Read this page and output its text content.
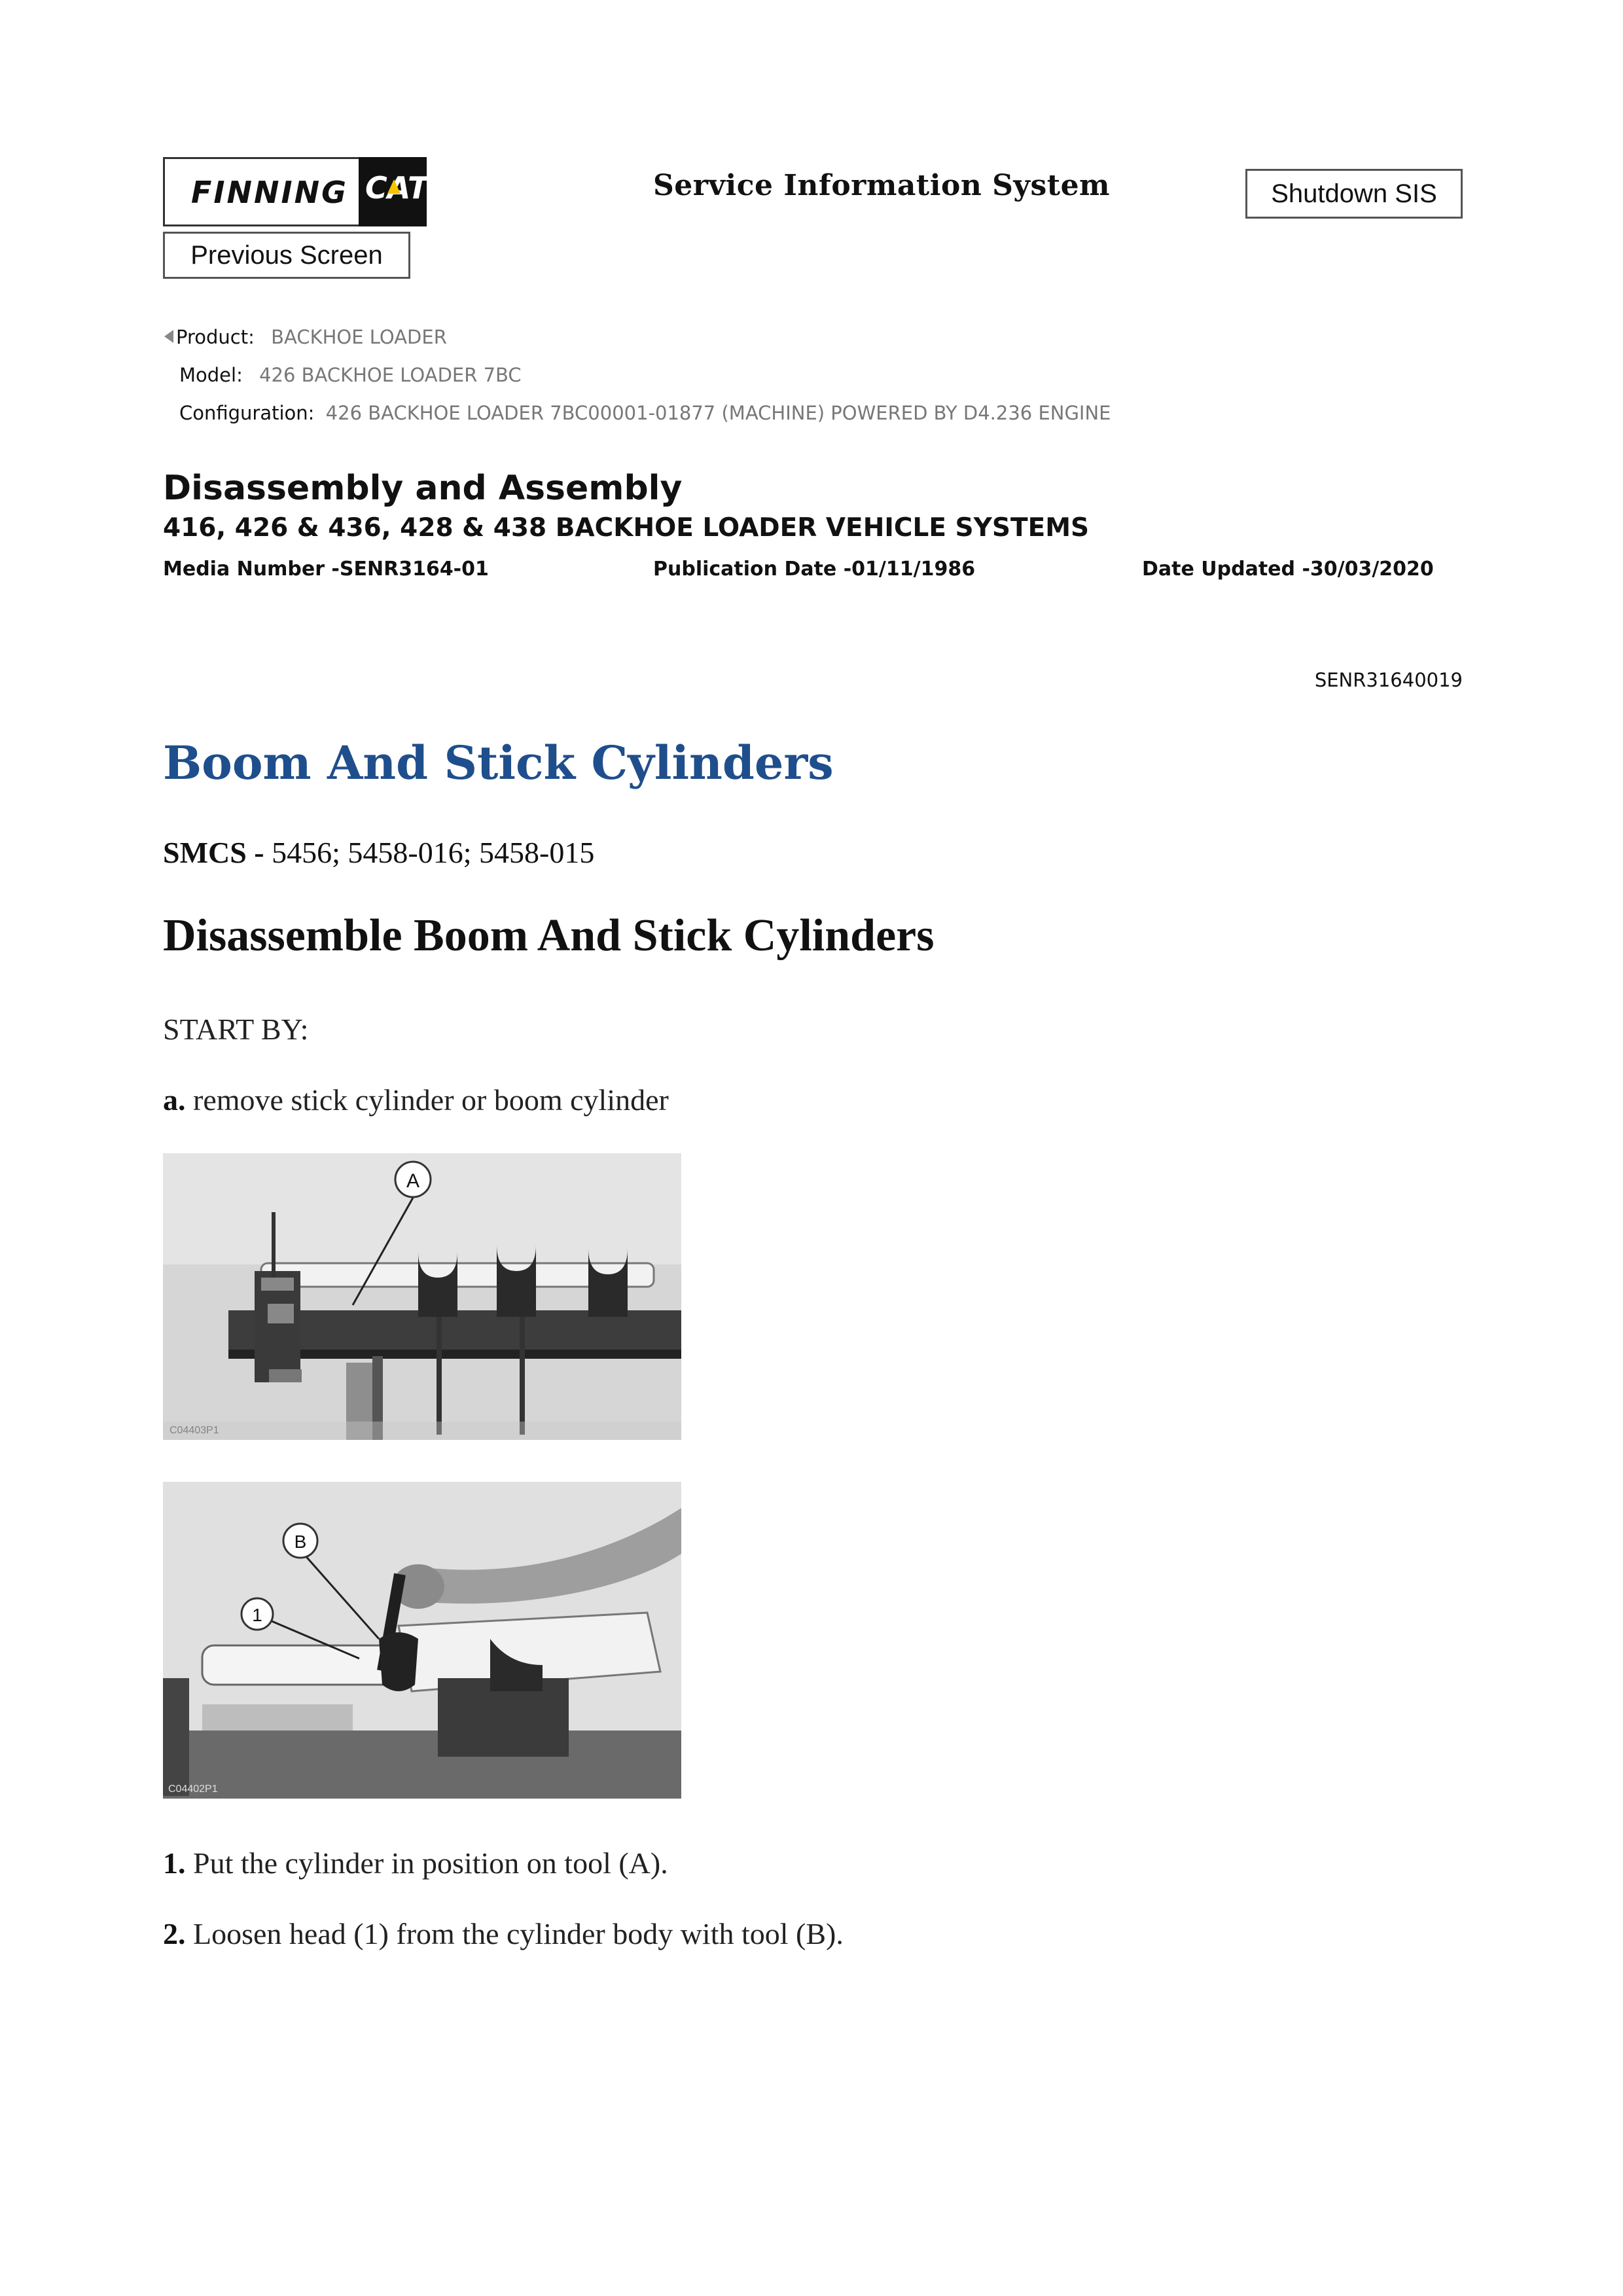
FINNING CAT	Service Information System	Shutdown SIS
Previous Screen
Product: BACKHOE LOADER
Model: 426 BACKHOE LOADER 7BC
Configuration: 426 BACKHOE LOADER 7BC00001-01877 (MACHINE) POWERED BY D4.236 ENGINE
Disassembly and Assembly
416, 426 & 436, 428 & 438 BACKHOE LOADER VEHICLE SYSTEMS
Media Number -SENR3164-01	Publication Date -01/11/1986	Date Updated -30/03/2020
SENR31640019
Boom And Stick Cylinders
SMCS - 5456; 5458-016; 5458-015
Disassemble Boom And Stick Cylinders
START BY:
a. remove stick cylinder or boom cylinder
A
C04403P1
B
1
C04402P1
1. Put the cylinder in position on tool (A).
2. Loosen head (1) from the cylinder body with tool (B).
